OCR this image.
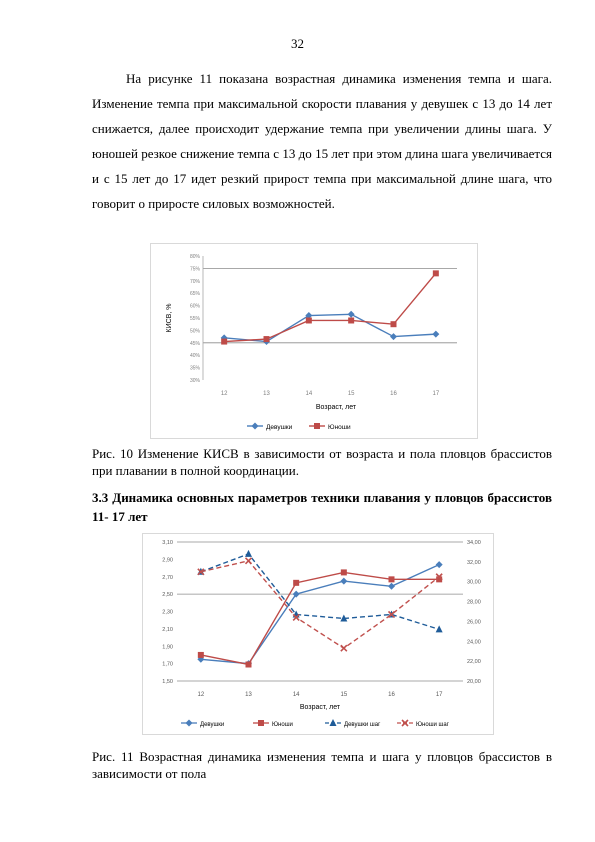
32

На рисунке 11 показана возрастная динамика изменения темпа и шага. Изменение темпа при максимальной скорости плавания у девушек с 13 до 14 лет снижается, далее происходит удержание темпа при увеличении длины шага. У юношей резкое снижение темпа с 13 до 15 лет при этом длина шага увеличивается и с 15 лет до 17 идет резкий прирост темпа при максимальной длине шага, что говорит о приросте силовых возможностей.

30%
35%
40%
45%
50%
55%
60%
65%
70%
75%
80%
КИСВ, %
12	13	14	15	16	17
Возраст, лет
Девушки	Юноши

Рис. 10 Изменение КИСВ в зависимости от возраста и пола пловцов брассистов при плавании в полной координации.

3.3 Динамика основных параметров техники плавания у пловцов брассистов 11- 17 лет

1,50
1,70
1,90
2,10
2,30
2,50
2,70
2,90
3,10
20,00
22,00
24,00
26,00
28,00
30,00
32,00
34,00
12	13	14	15	16	17
Возраст, лет
Девушки	Юноши	Девушки шаг	Юноши шаг

Рис. 11 Возрастная динамика изменения темпа и шага у пловцов брассистов в зависимости от пола
